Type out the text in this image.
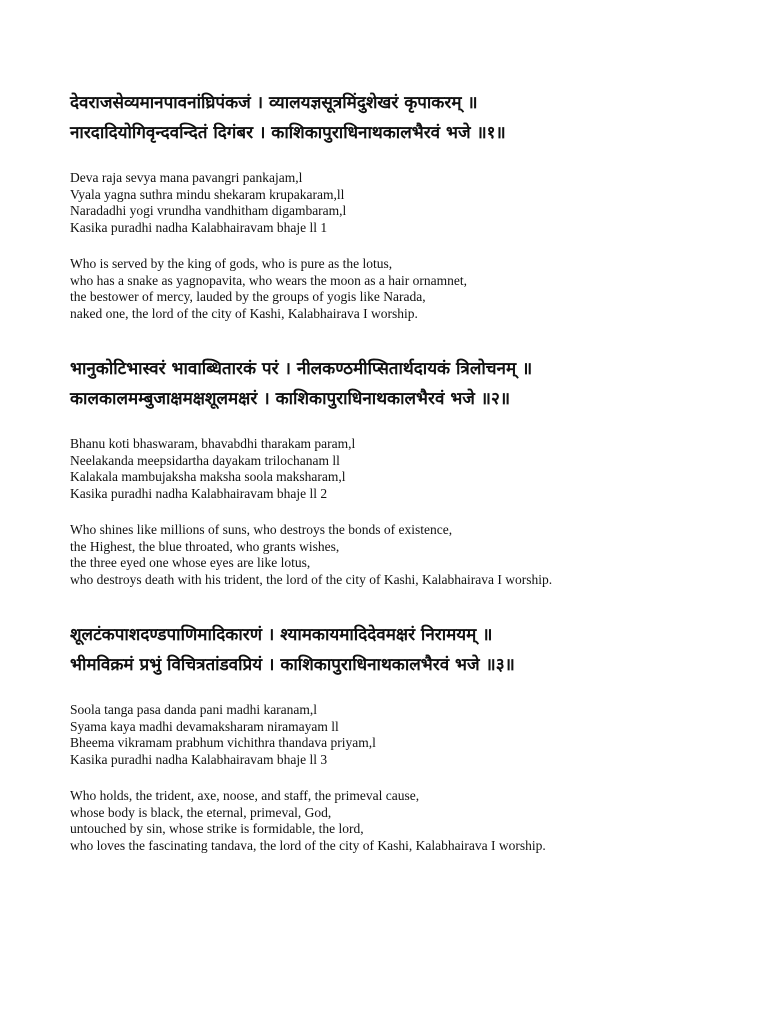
देवराजसेव्यमानपावनांघ्रिपंकजं । व्यालयज्ञसूत्रमिंदुशेखरं कृपाकरम् ॥

नारदादियोगिवृन्दवन्दितं दिगंबर । काशिकापुराधिनाथकालभैरवं भजे ॥१॥

Deva raja sevya mana pavangri pankajam,l

Vyala yagna suthra mindu shekaram krupakaram,ll

Naradadhi yogi vrundha vandhitham digambaram,l

Kasika puradhi nadha Kalabhairavam bhaje ll 1

Who is served by the king of gods, who is pure as the lotus,

who has a snake as yagnopavita, who wears the moon as a hair ornamnet,

the bestower of mercy, lauded by the groups of yogis like Narada,

naked one, the lord of the city of Kashi, Kalabhairava I worship.

भानुकोटिभास्वरं भावाब्धितारकं परं । नीलकण्ठमीप्सितार्थदायकं त्रिलोचनम् ॥

कालकालमम्बुजाक्षमक्षशूलमक्षरं । काशिकापुराधिनाथकालभैरवं भजे ॥२॥

Bhanu koti bhaswaram, bhavabdhi tharakam param,l

Neelakanda meepsidartha dayakam trilochanam ll

Kalakala mambujaksha maksha soola maksharam,l

Kasika puradhi nadha Kalabhairavam bhaje ll 2

Who shines like millions of suns, who destroys the bonds of existence,

the Highest, the blue throated, who grants wishes,

the three eyed one whose eyes are like lotus,

who destroys death with his trident, the lord of the city of Kashi, Kalabhairava I worship.

शूलटंकपाशदण्डपाणिमादिकारणं । श्यामकायमादिदेवमक्षरं निरामयम् ॥

भीमविक्रमं प्रभुं विचित्रतांडवप्रियं । काशिकापुराधिनाथकालभैरवं भजे ॥३॥

Soola tanga pasa danda pani madhi karanam,l

Syama kaya madhi devamaksharam niramayam ll

Bheema vikramam prabhum vichithra thandava priyam,l

Kasika puradhi nadha Kalabhairavam bhaje ll 3

Who holds, the trident, axe, noose, and staff, the primeval cause,

whose body is black, the eternal, primeval, God,

untouched by sin, whose strike is formidable, the lord,

who loves the fascinating tandava, the lord of the city of Kashi, Kalabhairava I worship.
